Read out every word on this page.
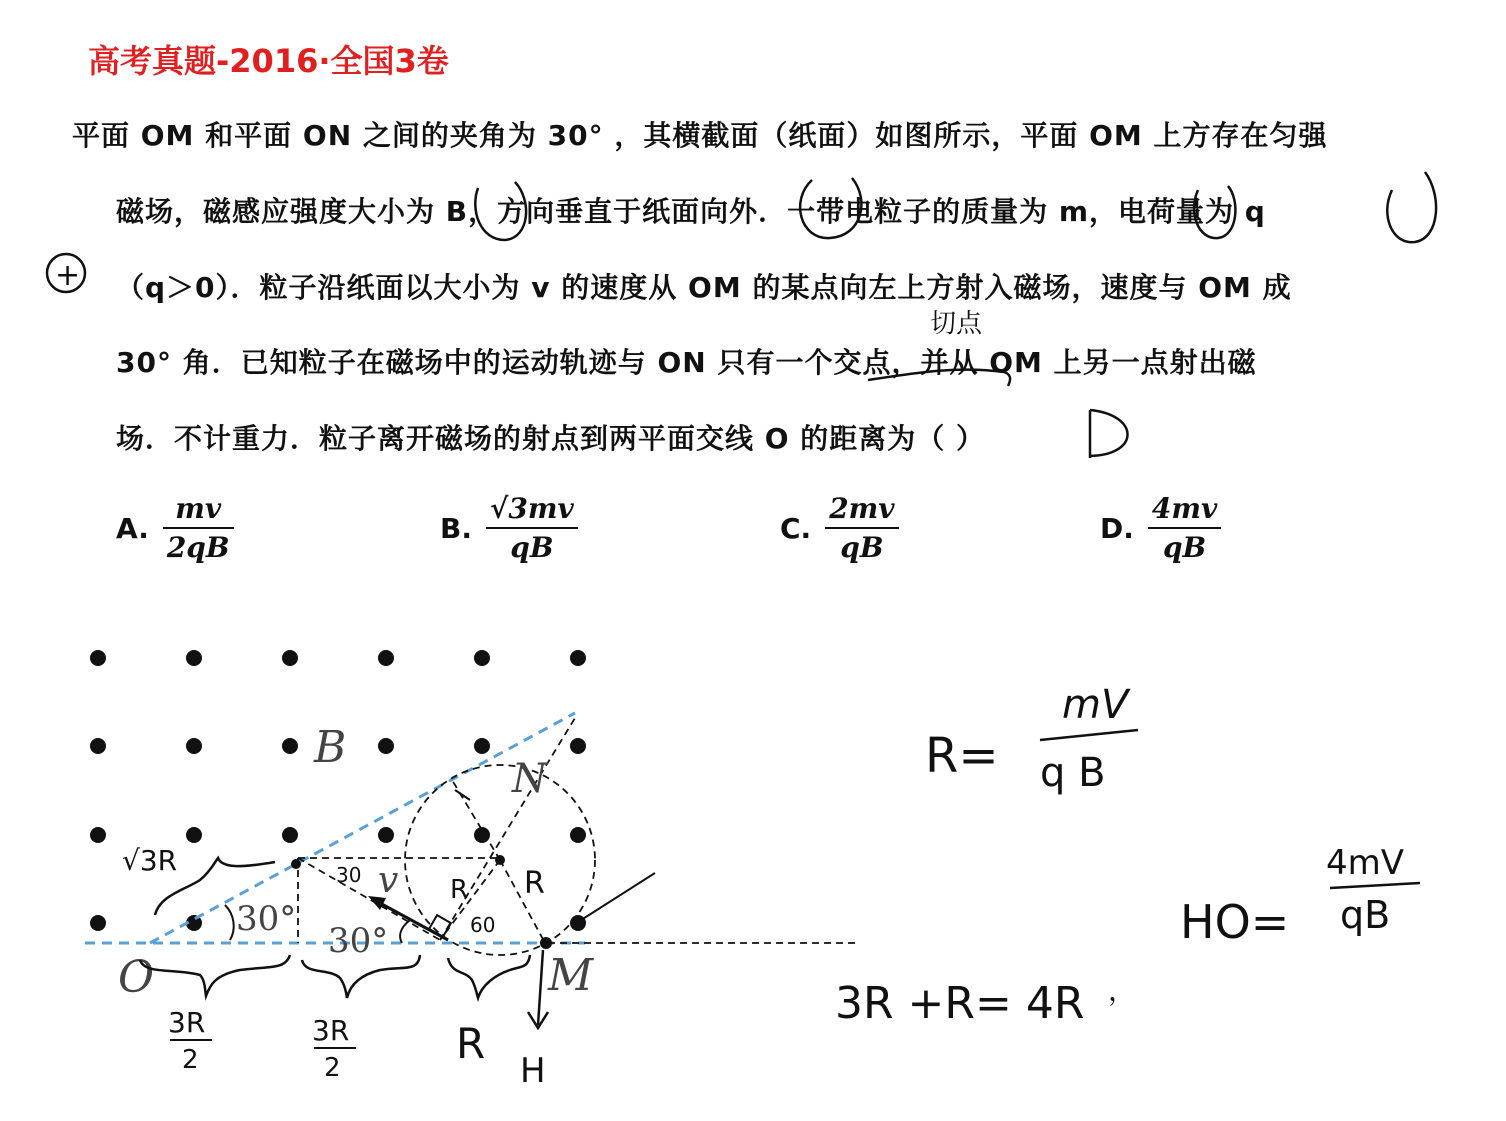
高考真题-2016·全国3卷
平面 OM 和平面 ON 之间的夹角为 30° ，其横截面（纸面）如图所示，平面 OM 上方存在匀强
磁场，磁感应强度大小为 B，方向垂直于纸面向外．一带电粒子的质量为 m，电荷量为 q
（q＞0）．粒子沿纸面以大小为 v 的速度从 OM 的某点向左上方射入磁场，速度与 OM 成
30° 角．已知粒子在磁场中的运动轨迹与 ON 只有一个交点，并从 OM 上另一点射出磁
场．不计重力．粒子离开磁场的射点到两平面交线 O 的距离为（ ）
A. $\frac{mv}{2qB}$	B. $\frac{√3mv}{qB}$	C. $\frac{2mv}{qB}$	D. $\frac{4mv}{qB}$
+
切点
B
N
O	M
v
30°
30°
√3R	30
60
R R
3R
2
3R
2	R
H
R=
mV
q B
HO=
4mV
qB
3R +R= 4R ，
